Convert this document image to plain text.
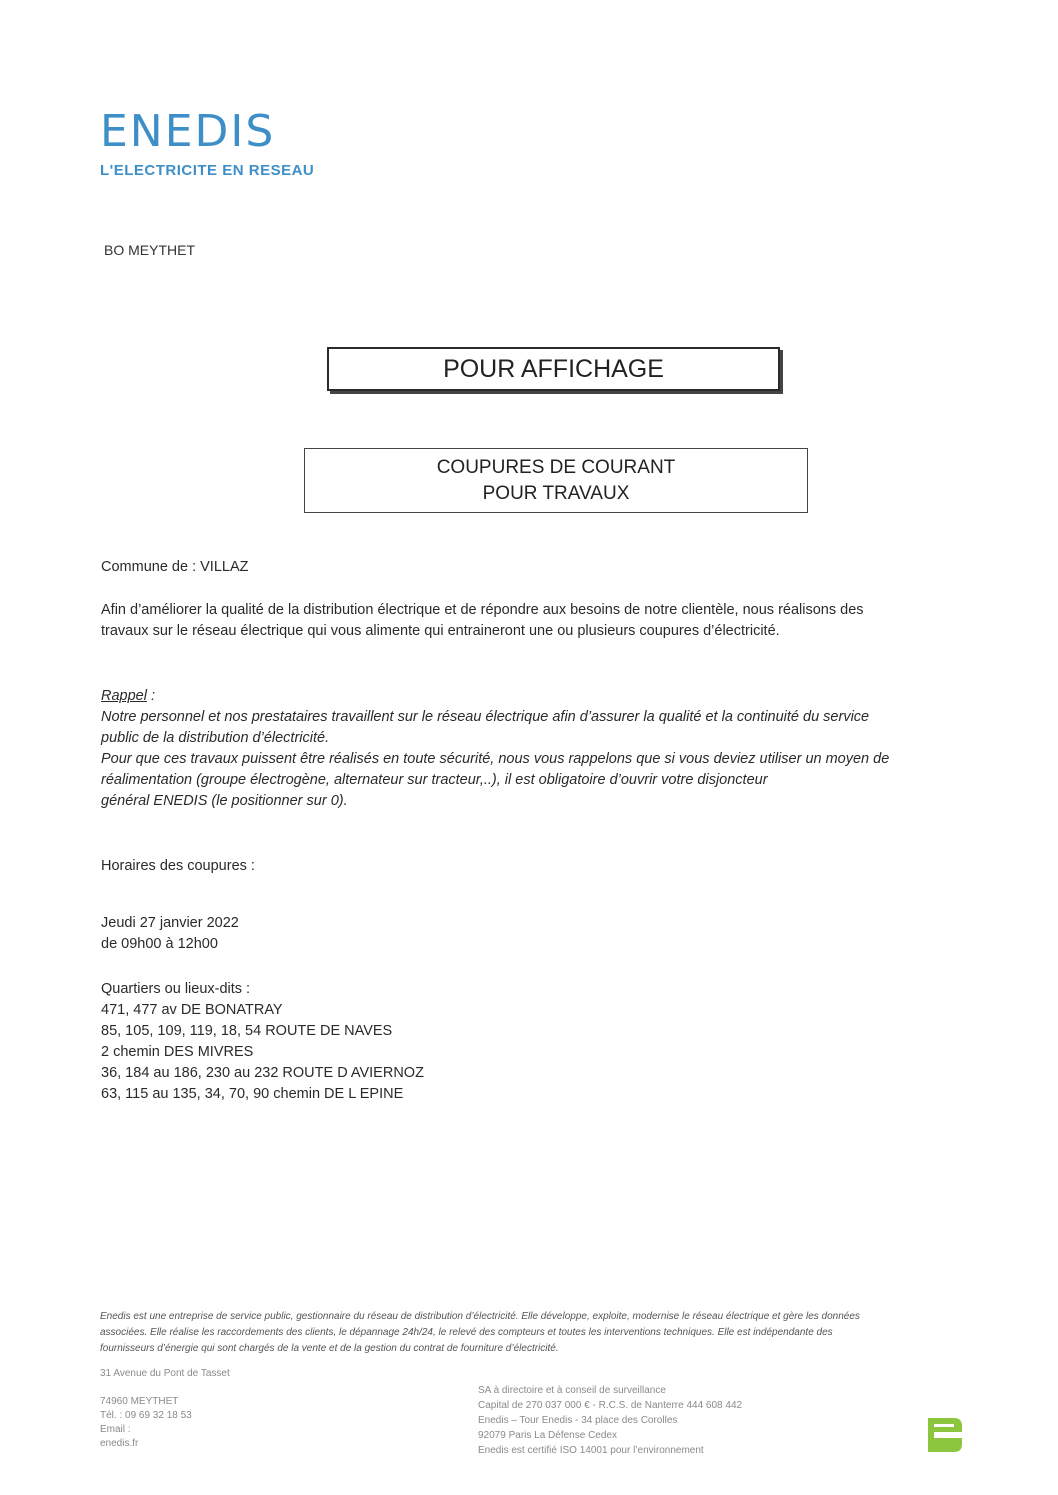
ENEDIS
L'ELECTRICITE EN RESEAU
BO MEYTHET
POUR AFFICHAGE
COUPURES DE COURANT
POUR TRAVAUX
Commune de : VILLAZ
Afin d’améliorer la qualité de la distribution électrique et de répondre aux besoins de notre clientèle, nous réalisons des
travaux sur le réseau électrique qui vous alimente qui entraineront une ou plusieurs coupures d’électricité.
Rappel :
Notre personnel et nos prestataires travaillent sur le réseau électrique afin d’assurer la qualité et la continuité du service
public de la distribution d’électricité.
Pour que ces travaux puissent être réalisés en toute sécurité, nous vous rappelons que si vous deviez utiliser un moyen de
réalimentation (groupe électrogène, alternateur sur tracteur,..), il est obligatoire d’ouvrir votre disjoncteur
général ENEDIS (le positionner sur 0).
Horaires des coupures :
Jeudi 27 janvier 2022
de 09h00 à 12h00
Quartiers ou lieux-dits :
471, 477 av DE BONATRAY
85, 105, 109, 119, 18, 54 ROUTE DE NAVES
2 chemin DES MIVRES
36, 184 au 186, 230 au 232 ROUTE D AVIERNOZ
63, 115 au 135, 34, 70, 90 chemin DE L EPINE
Enedis est une entreprise de service public, gestionnaire du réseau de distribution d’électricité. Elle développe, exploite, modernise le réseau électrique et gère les données
associées. Elle réalise les raccordements des clients, le dépannage 24h/24, le relevé des compteurs et toutes les interventions techniques. Elle est indépendante des
fournisseurs d’énergie qui sont chargés de la vente et de la gestion du contrat de fourniture d’électricité.
31 Avenue du Pont de Tasset
74960 MEYTHET
Tél. : 09 69 32 18 53
Email :
enedis.fr
SA à directoire et à conseil de surveillance
Capital de 270 037 000 € - R.C.S. de Nanterre 444 608 442
Enedis – Tour Enedis - 34 place des Corolles
92079 Paris La Défense Cedex
Enedis est certifié ISO 14001 pour l’environnement
